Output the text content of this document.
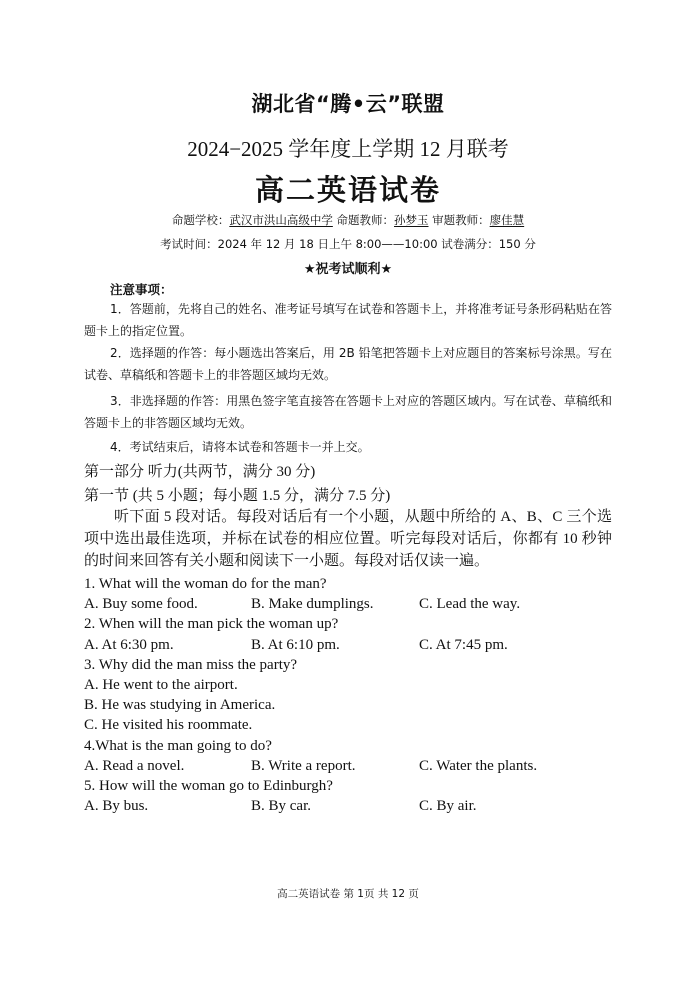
湖北省“腾•云”联盟
2024−2025 学年度上学期 12 月联考
高二英语试卷
命题学校：武汉市洪山高级中学 命题教师：孙梦玉 审题教师：廖佳慧
考试时间：2024 年 12 月 18 日上午 8:00——10:00 试卷满分：150 分
★祝考试顺利★
注意事项：

1．答题前，先将自己的姓名、准考证号填写在试卷和答题卡上，并将准考证号条形码粘贴在答题卡上的指定位置。

2．选择题的作答：每小题选出答案后，用 2B 铅笔把答题卡上对应题目的答案标号涂黑。写在试卷、草稿纸和答题卡上的非答题区域均无效。

3．非选择题的作答：用黑色签字笔直接答在答题卡上对应的答题区域内。写在试卷、草稿纸和答题卡上的非答题区域均无效。

4．考试结束后，请将本试卷和答题卡一并上交。

第一部分 听力(共两节，满分 30 分)
第一节 (共 5 小题；每小题 1.5 分，满分 7.5 分)

听下面 5 段对话。每段对话后有一个小题，从题中所给的 A、B、C 三个选项中选出最佳选项，并标在试卷的相应位置。听完每段对话后，你都有 10 秒钟的时间来回答有关小题和阅读下一小题。每段对话仅读一遍。

1. What will the woman do for the man?
A. Buy some food.	B. Make dumplings.	C. Lead the way.
2. When will the man pick the woman up?
A. At 6:30 pm.	B. At 6:10 pm.	C. At 7:45 pm.
3. Why did the man miss the party?
A. He went to the airport.
B. He was studying in America.
C. He visited his roommate.
4.What is the man going to do?
A. Read a novel.	B. Write a report.	C. Water the plants.
5. How will the woman go to Edinburgh?
A. By bus.	B. By car.	C. By air.
高二英语试卷 第 1页 共 12 页
